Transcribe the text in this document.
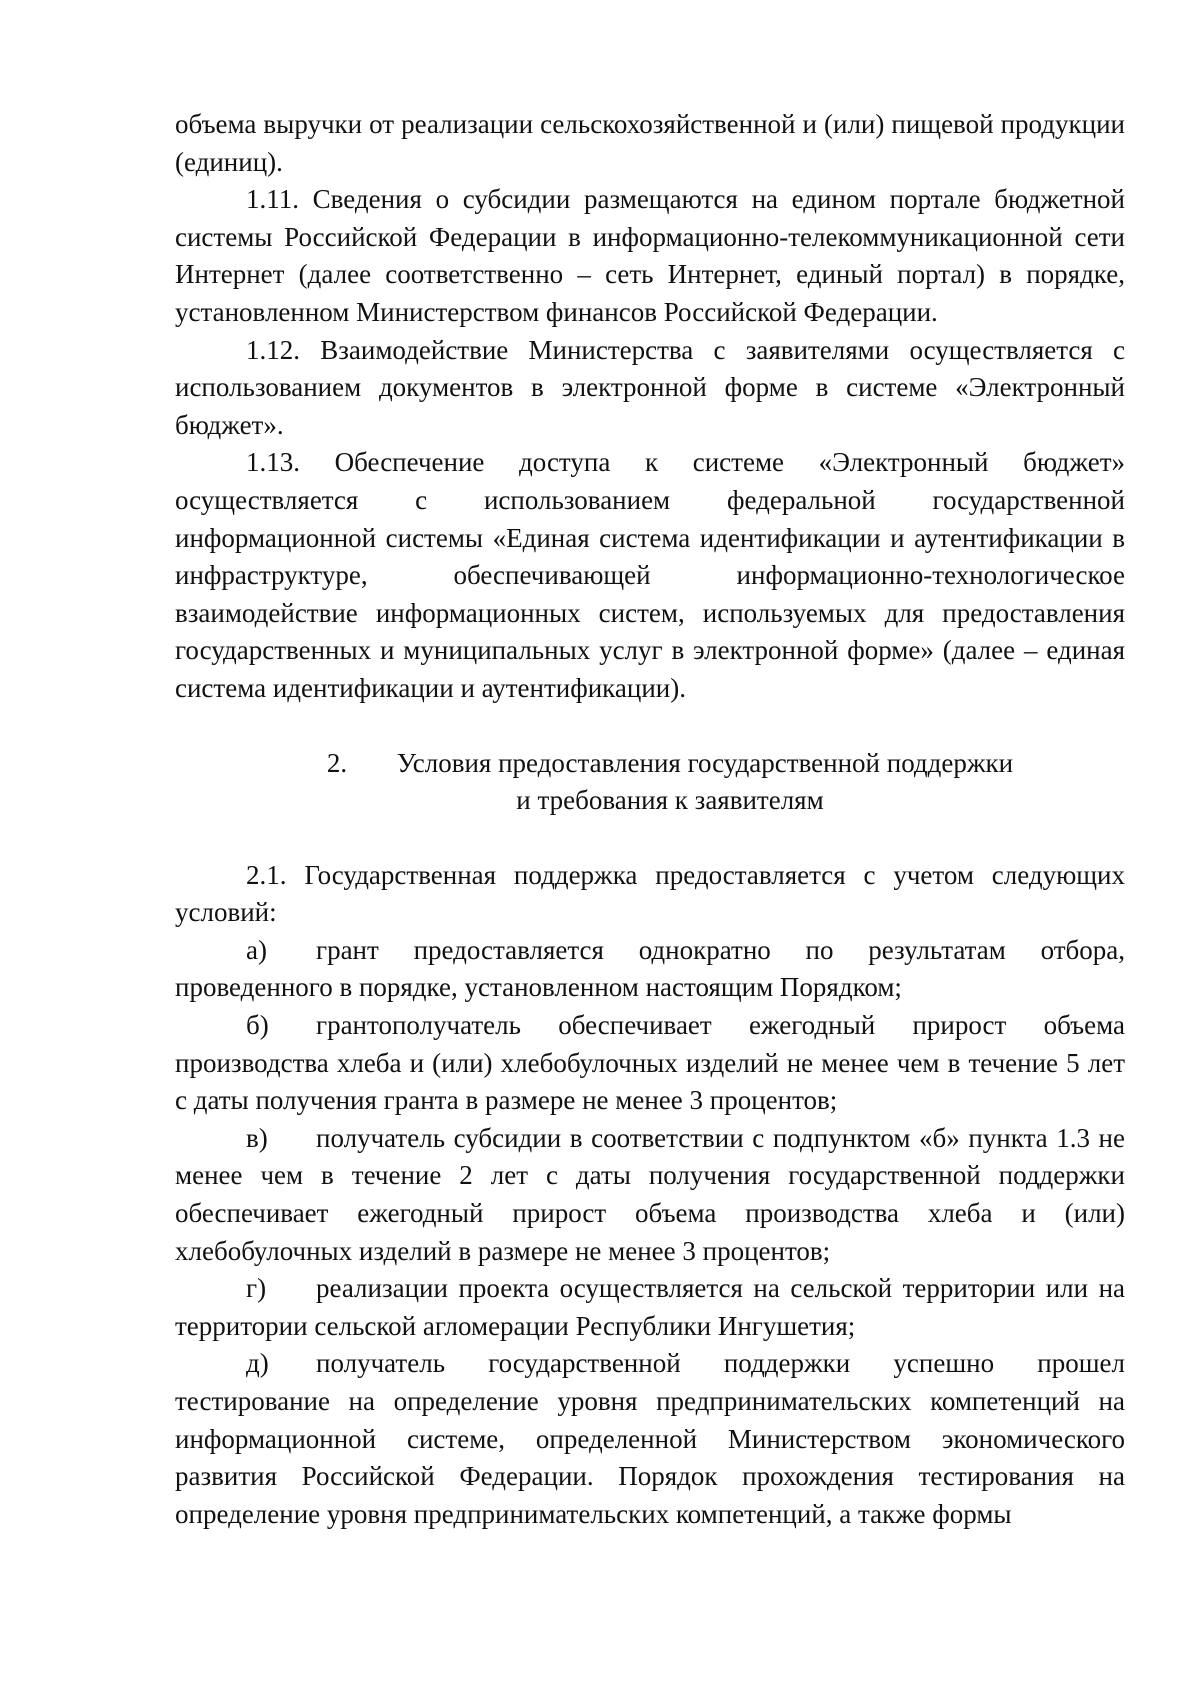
объема выручки от реализации сельскохозяйственной и (или) пищевой продукции (единиц).

1.11. Сведения о субсидии размещаются на едином портале бюджетной системы Российской Федерации в информационно-телекоммуникационной сети Интернет (далее соответственно – сеть Интернет, единый портал) в порядке, установленном Министерством финансов Российской Федерации.

1.12. Взаимодействие Министерства с заявителями осуществляется с использованием документов в электронной форме в системе «Электронный бюджет».

1.13. Обеспечение доступа к системе «Электронный бюджет» осуществляется с использованием федеральной государственной информационной системы «Единая система идентификации и аутентификации в инфраструктуре, обеспечивающей информационно-технологическое взаимодействие информационных систем, используемых для предоставления государственных и муниципальных услуг в электронной форме» (далее – единая система идентификации и аутентификации).

2. Условия предоставления государственной поддержки
и требования к заявителям

2.1. Государственная поддержка предоставляется с учетом следующих условий:

а) грант предоставляется однократно по результатам отбора, проведенного в порядке, установленном настоящим Порядком;

б) грантополучатель обеспечивает ежегодный прирост объема производства хлеба и (или) хлебобулочных изделий не менее чем в течение 5 лет с даты получения гранта в размере не менее 3 процентов;

в) получатель субсидии в соответствии с подпунктом «б» пункта 1.3 не менее чем в течение 2 лет с даты получения государственной поддержки обеспечивает ежегодный прирост объема производства хлеба и (или) хлебобулочных изделий в размере не менее 3 процентов;

г) реализации проекта осуществляется на сельской территории или на территории сельской агломерации Республики Ингушетия;

д) получатель государственной поддержки успешно прошел тестирование на определение уровня предпринимательских компетенций на информационной системе, определенной Министерством экономического развития Российской Федерации. Порядок прохождения тестирования на определение уровня предпринимательских компетенций, а также формы
